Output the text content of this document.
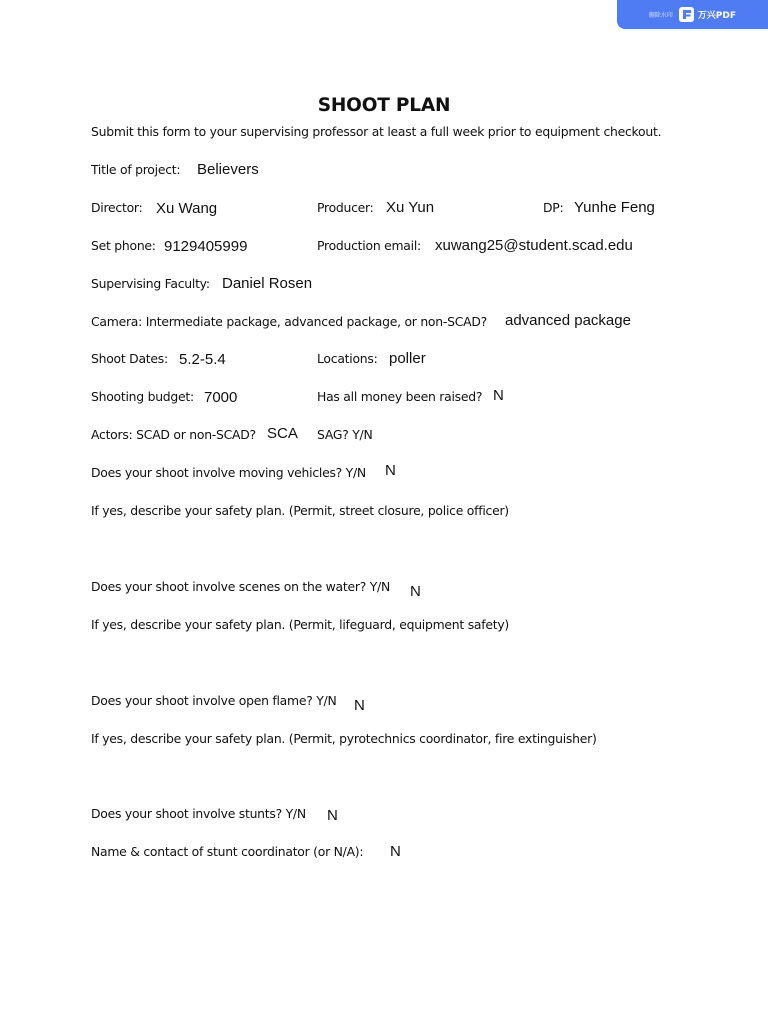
删除水印	万兴PDF
SHOOT PLAN
Submit this form to your supervising professor at least a full week prior to equipment checkout.
Title of project: Believers
Director: Xu Wang	Producer: Xu Yun	DP: Yunhe Feng
Set phone: 9129405999	Production email: xuwang25@student.scad.edu
Supervising Faculty: Daniel Rosen
Camera: Intermediate package, advanced package, or non-SCAD? advanced package
Shoot Dates: 5.2-5.4	Locations: poller
Shooting budget: 7000	Has all money been raised? N
Actors: SCAD or non-SCAD? SCA SAG? Y/N
Does your shoot involve moving vehicles? Y/N N
If yes, describe your safety plan. (Permit, street closure, police officer)
Does your shoot involve scenes on the water? Y/N N
If yes, describe your safety plan. (Permit, lifeguard, equipment safety)
Does your shoot involve open flame? Y/N N
If yes, describe your safety plan. (Permit, pyrotechnics coordinator, fire extinguisher)
Does your shoot involve stunts? Y/N N
Name & contact of stunt coordinator (or N/A): N
